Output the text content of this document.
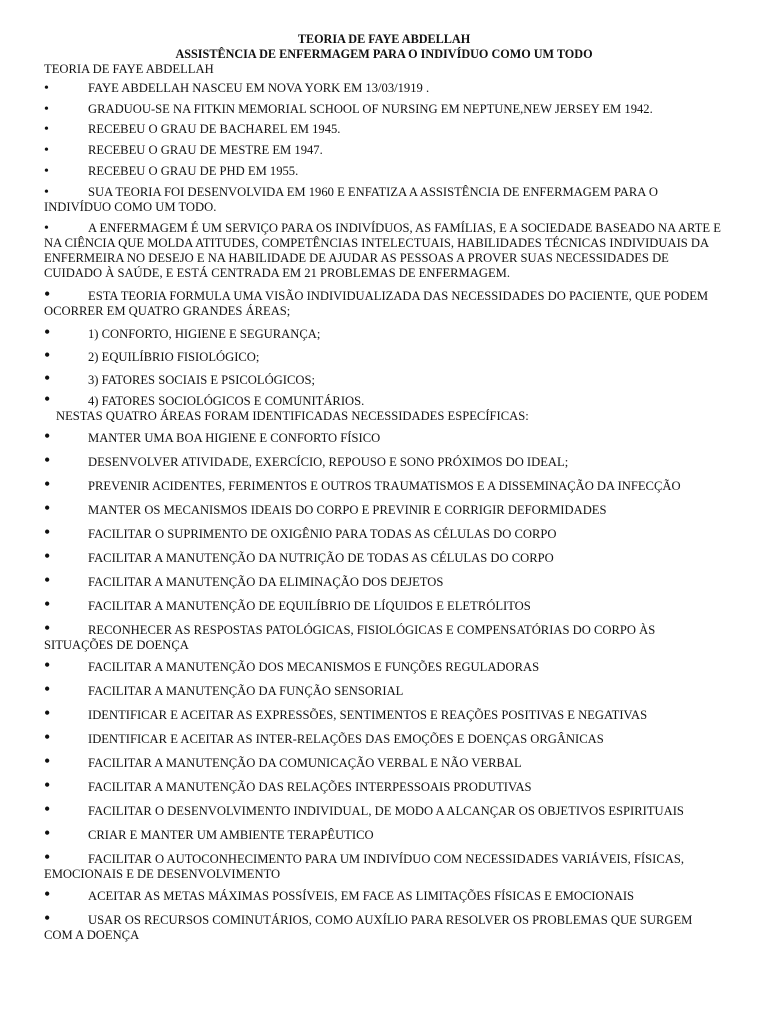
TEORIA DE FAYE ABDELLAH
ASSISTÊNCIA DE ENFERMAGEM PARA O INDIVÍDUO COMO UM TODO
TEORIA DE FAYE ABDELLAH
•	FAYE ABDELLAH NASCEU EM NOVA YORK EM 13/03/1919 .
•	GRADUOU-SE NA FITKIN MEMORIAL SCHOOL OF NURSING EM NEPTUNE,NEW JERSEY EM 1942.
•	RECEBEU O GRAU DE BACHAREL EM 1945.
•	RECEBEU O GRAU DE MESTRE EM 1947.
•	RECEBEU O GRAU DE PHD EM 1955.
•	SUA TEORIA FOI DESENVOLVIDA EM 1960 E ENFATIZA A ASSISTÊNCIA DE ENFERMAGEM PARA O INDIVÍDUO COMO UM TODO.
•	A ENFERMAGEM É UM SERVIÇO PARA OS INDIVÍDUOS, AS FAMÍLIAS, E A SOCIEDADE BASEADO NA ARTE E NA CIÊNCIA QUE MOLDA ATITUDES, COMPETÊNCIAS INTELECTUAIS, HABILIDADES TÉCNICAS INDIVIDUAIS DA ENFERMEIRA NO DESEJO E NA HABILIDADE DE AJUDAR AS PESSOAS A PROVER SUAS NECESSIDADES DE CUIDADO À SAÚDE, E ESTÁ CENTRADA EM 21 PROBLEMAS DE ENFERMAGEM.
•	ESTA TEORIA FORMULA UMA VISÃO INDIVIDUALIZADA DAS NECESSIDADES DO PACIENTE, QUE PODEM OCORRER EM QUATRO GRANDES ÁREAS;
•	1) CONFORTO, HIGIENE E SEGURANÇA;
•	2) EQUILÍBRIO FISIOLÓGICO;
•	3) FATORES SOCIAIS E PSICOLÓGICOS;
•	4) FATORES SOCIOLÓGICOS E COMUNITÁRIOS.
NESTAS QUATRO ÁREAS FORAM IDENTIFICADAS NECESSIDADES ESPECÍFICAS:
•	MANTER UMA BOA HIGIENE E CONFORTO FÍSICO
•	DESENVOLVER ATIVIDADE, EXERCÍCIO, REPOUSO E SONO PRÓXIMOS DO IDEAL;
•	PREVENIR ACIDENTES, FERIMENTOS E OUTROS TRAUMATISMOS E A DISSEMINAÇÃO DA INFECÇÃO
•	MANTER OS MECANISMOS IDEAIS DO CORPO E PREVINIR E CORRIGIR DEFORMIDADES
•	FACILITAR O SUPRIMENTO DE OXIGÊNIO PARA TODAS AS CÉLULAS DO CORPO
•	FACILITAR A MANUTENÇÃO DA NUTRIÇÃO DE TODAS AS CÉLULAS DO CORPO
•	FACILITAR A MANUTENÇÃO DA ELIMINAÇÃO DOS DEJETOS
•	FACILITAR A MANUTENÇÃO DE EQUILÍBRIO DE LÍQUIDOS E ELETRÓLITOS
•	RECONHECER AS RESPOSTAS PATOLÓGICAS, FISIOLÓGICAS E COMPENSATÓRIAS DO CORPO ÀS SITUAÇÕES DE DOENÇA
•	FACILITAR A MANUTENÇÃO DOS MECANISMOS E FUNÇÕES REGULADORAS
•	FACILITAR A MANUTENÇÃO DA FUNÇÃO SENSORIAL
•	IDENTIFICAR E ACEITAR AS EXPRESSÕES, SENTIMENTOS E REAÇÕES POSITIVAS E NEGATIVAS
•	IDENTIFICAR E ACEITAR AS INTER-RELAÇÕES DAS EMOÇÕES E DOENÇAS ORGÂNICAS
•	FACILITAR A MANUTENÇÃO DA COMUNICAÇÃO VERBAL E NÃO VERBAL
•	FACILITAR A MANUTENÇÃO DAS RELAÇÕES INTERPESSOAIS PRODUTIVAS
•	FACILITAR O DESENVOLVIMENTO INDIVIDUAL, DE MODO A ALCANÇAR OS OBJETIVOS ESPIRITUAIS
•	CRIAR E MANTER UM AMBIENTE TERAPÊUTICO
•	FACILITAR O AUTOCONHECIMENTO PARA UM INDIVÍDUO COM NECESSIDADES VARIÁVEIS, FÍSICAS, EMOCIONAIS E DE DESENVOLVIMENTO
•	ACEITAR AS METAS MÁXIMAS POSSÍVEIS, EM FACE AS LIMITAÇÕES FÍSICAS E EMOCIONAIS
•	USAR OS RECURSOS COMINUTÁRIOS, COMO AUXÍLIO PARA RESOLVER OS PROBLEMAS QUE SURGEM COM A DOENÇA
